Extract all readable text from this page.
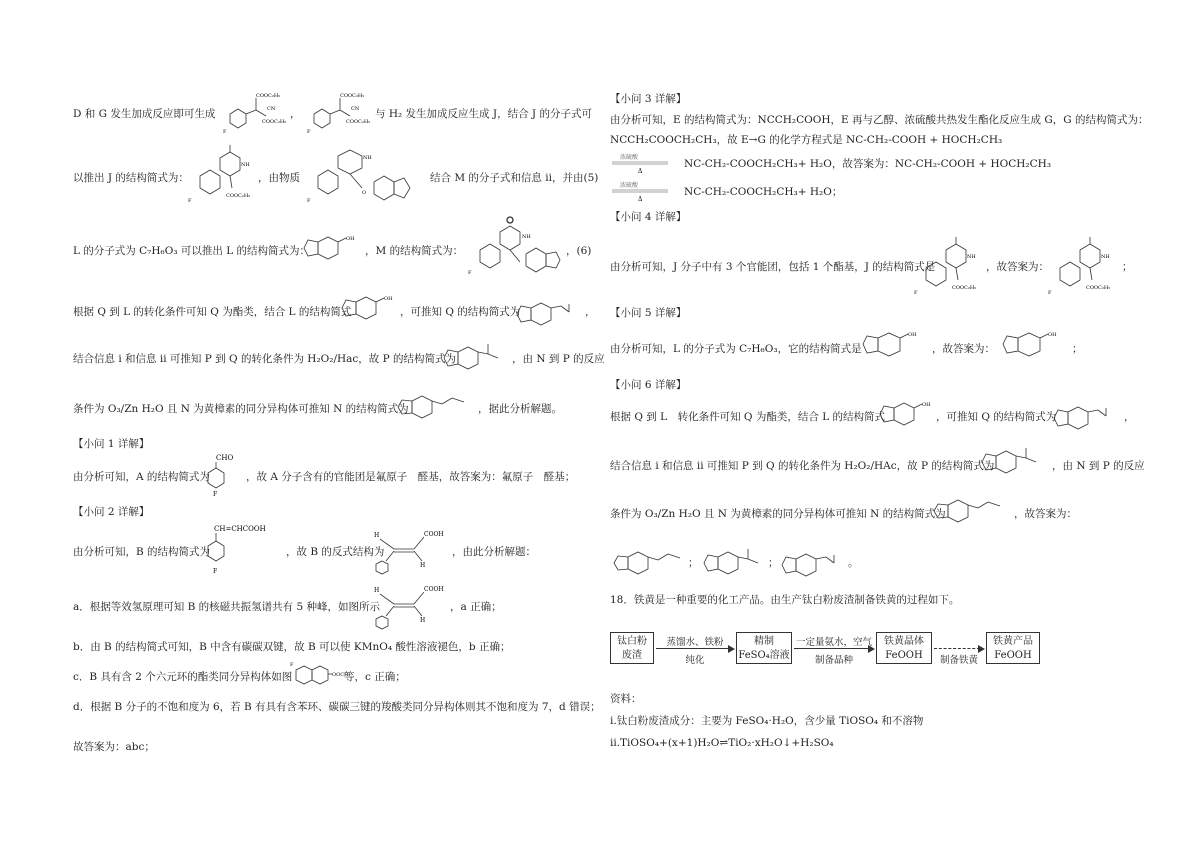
D 和 G 发生加成反应即可生成
COOC₂H₅
CN
COOC₂H₅
F
，
COOC₂H₅
CN
COOC₂H₅
F
与 H₂ 发生加成反应生成 J，结合 J 的分子式可
以推出 J 的结构简式为：
NH
COOC₂H₅
F
，由物质
NH
O
F
结合 M 的分子式和信息 ii，并由(5)
L 的分子式为 C₇H₆O₃ 可以推出 L 的结构简式为：
OH
，M 的结构简式为：
NH
F
，(6)
根据 Q 到 L 的转化条件可知 Q 为酯类，结合 L 的结构简式
OH
，可推知 Q 的结构简式为	，
结合信息 i 和信息 ii 可推知 P 到 Q 的转化条件为 H₂O₂/Hac，故 P 的结构简式为	，由 N 到 P 的反应
条件为 O₃/Zn H₂O 且 N 为黄樟素的同分异构体可推知 N 的结构简式为	，据此分析解题。
【小问 1 详解】
由分析可知，A 的结构简式为
CHO
F
，故 A 分子含有的官能团是氟原子　醛基，故答案为：氟原子　醛基；
【小问 2 详解】
由分析可知，B 的结构简式为
CH=CHCOOH
F
，故 B 的反式结构为
H	COOH
H
，由此分析解题：
a．根据等效氢原理可知 B 的核磁共振氢谱共有 5 种峰，如图所示
H	COOH
H
，a 正确；
b．由 B 的结构简式可知，B 中含有碳碳双键，故 B 可以使 KMnO₄ 酸性溶液褪色，b 正确；
c．B 具有含 2 个六元环的酯类同分异构体如图
F
OOCH
等，c 正确；
d．根据 B 分子的不饱和度为 6，若 B 有具有含苯环、碳碳三键的羧酸类同分异构体则其不饱和度为 7，d 错误；
故答案为：abc；
【小问 3 详解】
由分析可知，E 的结构简式为：NCCH₂COOH，E 再与乙醇、浓硫酸共热发生酯化反应生成 G，G 的结构简式为：
NCCH₂COOCH₂CH₃，故 E→G 的化学方程式是 NC-CH₂-COOH + HOCH₂CH₃
浓硫酸
Δ
NC-CH₂-COOCH₂CH₃+ H₂O，故答案为：NC-CH₂-COOH + HOCH₂CH₃
浓硫酸
Δ
NC-CH₂-COOCH₂CH₃+ H₂O；
【小问 4 详解】
由分析可知，J 分子中有 3 个官能团，包括 1 个酯基，J 的结构简式是
NH
COOC₂H₅
F
，故答案为：
NH
COOC₂H₅
F
；
【小问 5 详解】
由分析可知，L 的分子式为 C₇H₆O₃，它的结构简式是
OH
，故答案为：
OH
；
【小问 6 详解】
根据 Q 到 L　转化条件可知 Q 为酯类，结合 L 的结构简式
OH
，可推知 Q 的结构简式为	，
结合信息 i 和信息 ii 可推知 P 到 Q 的转化条件为 H₂O₂/HAc，故 P 的结构简式为	，由 N 到 P 的反应
条件为 O₃/Zn H₂O 且 N 为黄樟素的同分异构体可推知 N 的结构简式为	，故答案为：
；	；	。
18．铁黄是一种重要的化工产品。由生产钛白粉废渣制备铁黄的过程如下。
资料：
i.钛白粉废渣成分：主要为 FeSO₄·H₂O，含少量 TiOSO₄ 和不溶物
ii.TiOSO₄+(x+1)H₂O⇌TiO₂·xH₂O↓+H₂SO₄
钛白粉
废渣
蒸馏水、铁粉
纯化
精制
FeSO₄溶液
一定量氨水，空气
制备晶种
铁黄晶体
FeOOH	制备铁黄
铁黄产品
FeOOH
